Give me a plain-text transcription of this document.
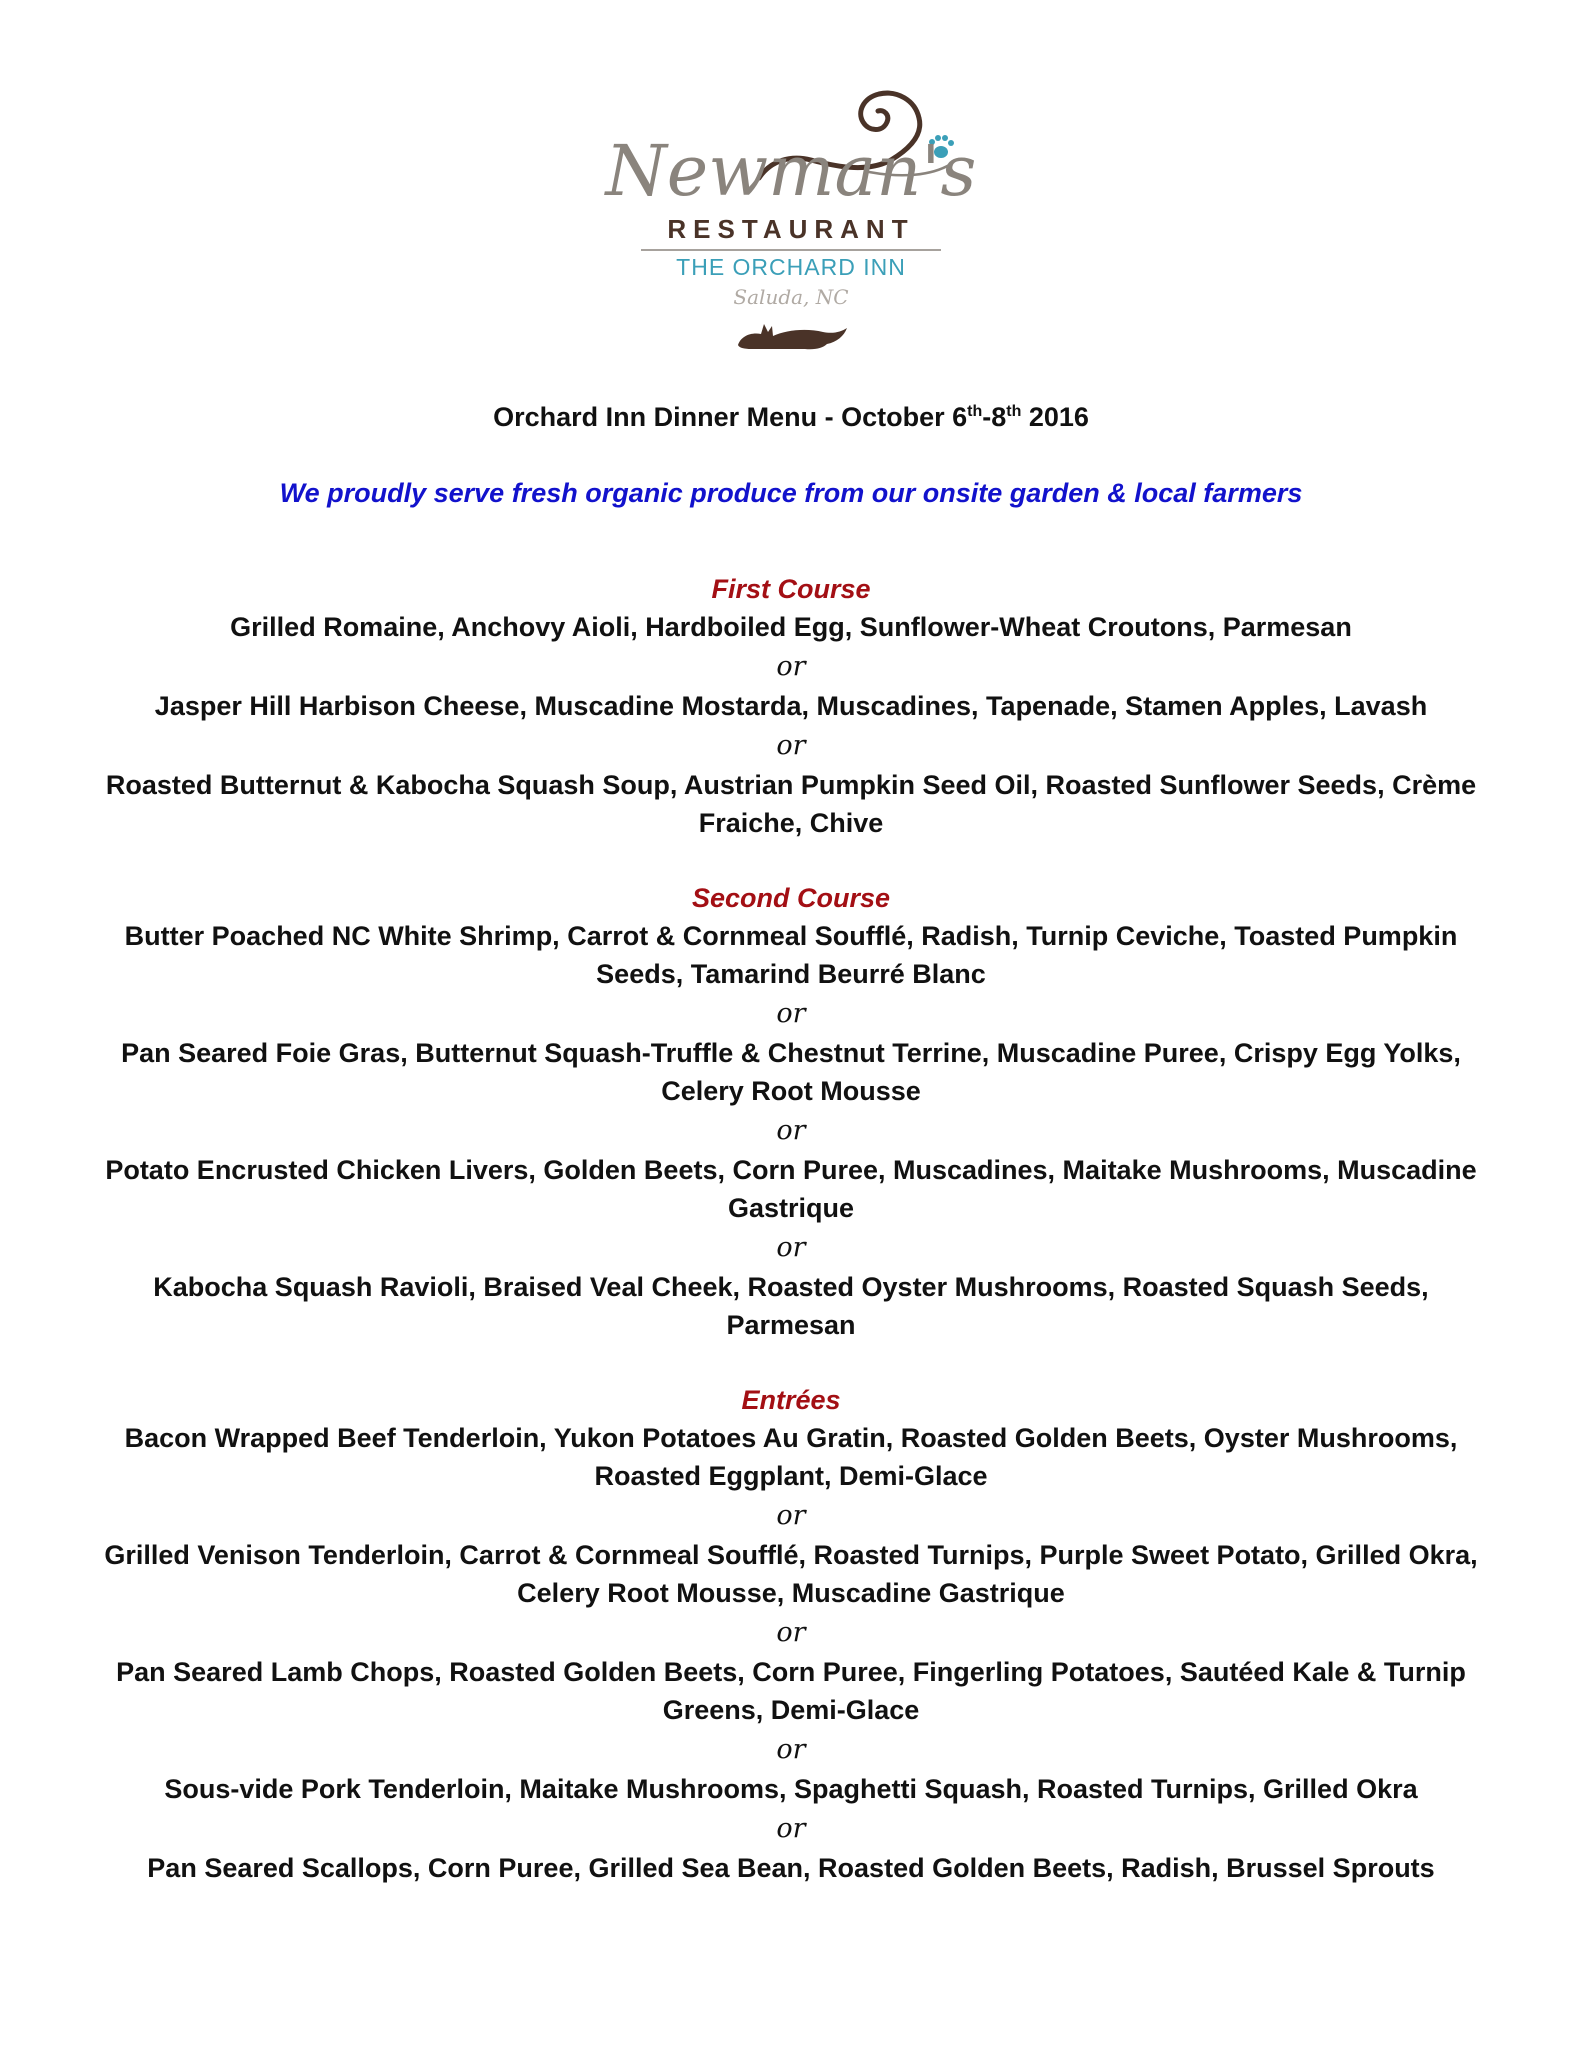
Newman's
RESTAURANT
THE ORCHARD INN
Saluda, NC
Orchard Inn Dinner Menu - October 6th-8th 2016
We proudly serve fresh organic produce from our onsite garden & local farmers
First Course
Grilled Romaine, Anchovy Aioli, Hardboiled Egg, Sunflower-Wheat Croutons, Parmesan
or
Jasper Hill Harbison Cheese, Muscadine Mostarda, Muscadines, Tapenade, Stamen Apples, Lavash
or
Roasted Butternut & Kabocha Squash Soup, Austrian Pumpkin Seed Oil, Roasted Sunflower Seeds, Crème Fraiche, Chive
Second Course
Butter Poached NC White Shrimp, Carrot & Cornmeal Soufflé, Radish, Turnip Ceviche, Toasted Pumpkin Seeds, Tamarind Beurré Blanc
or
Pan Seared Foie Gras, Butternut Squash-Truffle & Chestnut Terrine, Muscadine Puree, Crispy Egg Yolks, Celery Root Mousse
or
Potato Encrusted Chicken Livers, Golden Beets, Corn Puree, Muscadines, Maitake Mushrooms, Muscadine Gastrique
or
Kabocha Squash Ravioli, Braised Veal Cheek, Roasted Oyster Mushrooms, Roasted Squash Seeds, Parmesan
Entrées
Bacon Wrapped Beef Tenderloin, Yukon Potatoes Au Gratin, Roasted Golden Beets, Oyster Mushrooms, Roasted Eggplant, Demi-Glace
or
Grilled Venison Tenderloin, Carrot & Cornmeal Soufflé, Roasted Turnips, Purple Sweet Potato, Grilled Okra, Celery Root Mousse, Muscadine Gastrique
or
Pan Seared Lamb Chops, Roasted Golden Beets, Corn Puree, Fingerling Potatoes, Sautéed Kale & Turnip Greens, Demi-Glace
or
Sous-vide Pork Tenderloin, Maitake Mushrooms, Spaghetti Squash, Roasted Turnips, Grilled Okra
or
Pan Seared Scallops, Corn Puree, Grilled Sea Bean, Roasted Golden Beets, Radish, Brussel Sprouts
